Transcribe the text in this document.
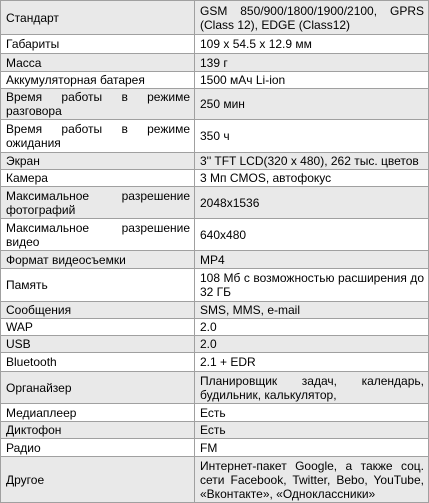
Стандарт	GSM 850/900/1800/1900/2100, GPRS (Class 12), EDGE (Class12)
Габариты	109 x 54.5 x 12.9 мм
Масса	139 г
Аккумуляторная батарея	1500 мАч Li-ion
Время работы в режиме разговора	250 мин
Время работы в режиме ожидания	350 ч
Экран	3'' TFT LCD(320 x 480), 262 тыс. цветов
Камера	3 Мп CMOS, автофокус
Максимальное разрешение фотографий	2048x1536
Максимальное разрешение видео	640x480
Формат видеосъемки	MP4
Память	108 Мб с возможностью расширения до 32 ГБ
Сообщения	SMS, MMS, e-mail
WAP	2.0
USB	2.0
Bluetooth	2.1 + EDR
Органайзер	Планировщик задач, календарь, будильник, калькулятор,
Медиаплеер	Есть
Диктофон	Есть
Радио	FM
Другое	Интернет-пакет Google, а также соц. сети Facebook, Twitter, Bebo, YouTube, «Вконтакте», «Одноклассники»
